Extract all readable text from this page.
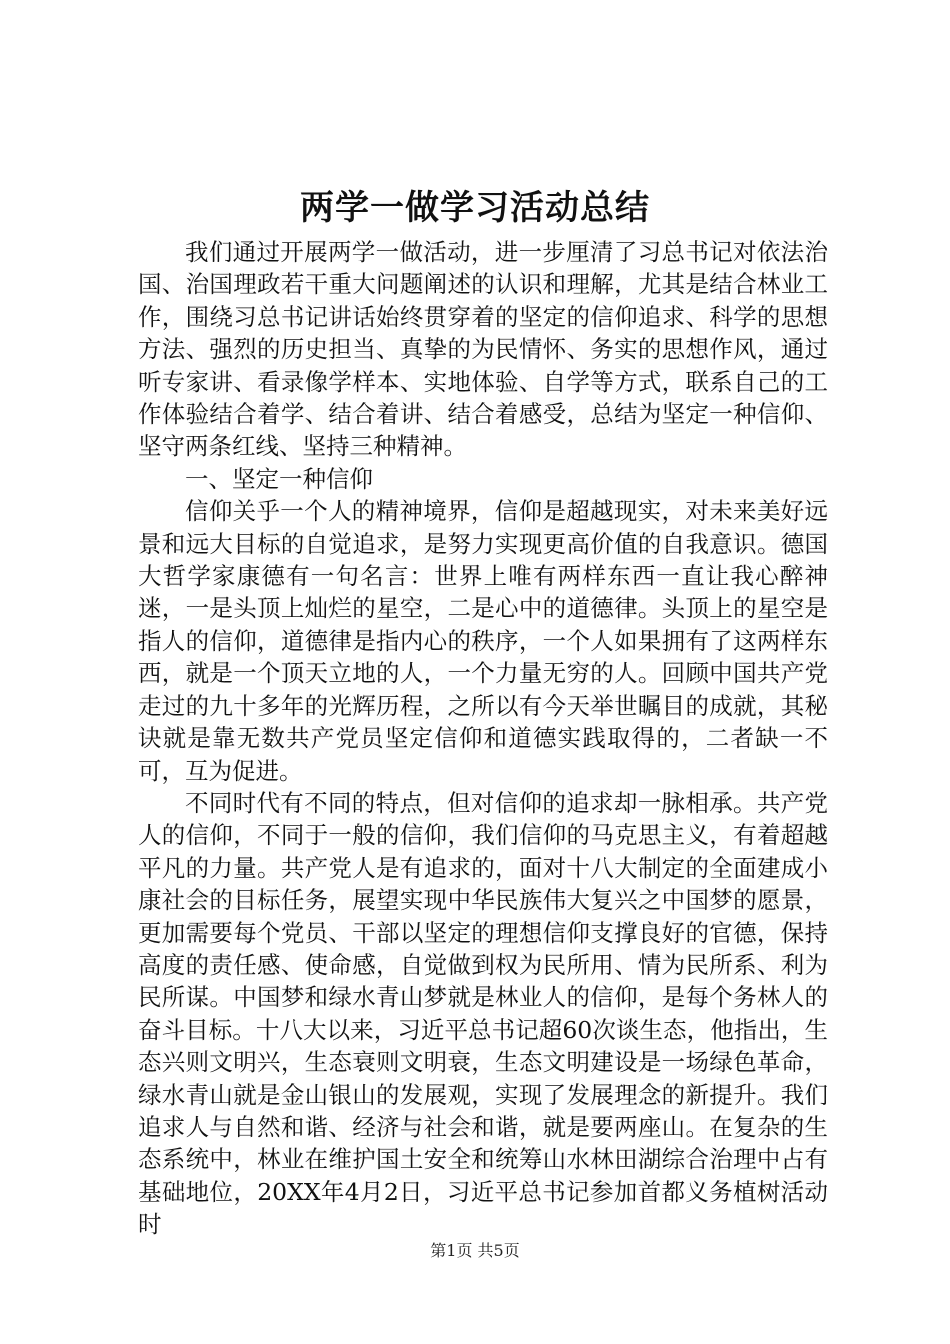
两学一做学习活动总结

我们通过开展两学一做活动，进一步厘清了习总书记对依法治国、治国理政若干重大问题阐述的认识和理解，尤其是结合林业工作，围绕习总书记讲话始终贯穿着的坚定的信仰追求、科学的思想方法、强烈的历史担当、真挚的为民情怀、务实的思想作风，通过听专家讲、看录像学样本、实地体验、自学等方式，联系自己的工作体验结合着学、结合着讲、结合着感受，总结为坚定一种信仰、坚守两条红线、坚持三种精神。

一、坚定一种信仰

信仰关乎一个人的精神境界，信仰是超越现实，对未来美好远景和远大目标的自觉追求，是努力实现更高价值的自我意识。德国大哲学家康德有一句名言：世界上唯有两样东西一直让我心醉神迷，一是头顶上灿烂的星空，二是心中的道德律。头顶上的星空是指人的信仰，道德律是指内心的秩序，一个人如果拥有了这两样东西，就是一个顶天立地的人，一个力量无穷的人。回顾中国共产党走过的九十多年的光辉历程，之所以有今天举世瞩目的成就，其秘诀就是靠无数共产党员坚定信仰和道德实践取得的，二者缺一不可，互为促进。

不同时代有不同的特点，但对信仰的追求却一脉相承。共产党人的信仰，不同于一般的信仰，我们信仰的马克思主义，有着超越平凡的力量。共产党人是有追求的，面对十八大制定的全面建成小康社会的目标任务，展望实现中华民族伟大复兴之中国梦的愿景，更加需要每个党员、干部以坚定的理想信仰支撑良好的官德，保持高度的责任感、使命感，自觉做到权为民所用、情为民所系、利为民所谋。中国梦和绿水青山梦就是林业人的信仰，是每个务林人的奋斗目标。十八大以来，习近平总书记超60次谈生态，他指出，生态兴则文明兴，生态衰则文明衰，生态文明建设是一场绿色革命，绿水青山就是金山银山的发展观，实现了发展理念的新提升。我们追求人与自然和谐、经济与社会和谐，就是要两座山。在复杂的生态系统中，林业在维护国土安全和统筹山水林田湖综合治理中占有基础地位，20XX年4月2日，习近平总书记参加首都义务植树活动时

第1页 共5页
